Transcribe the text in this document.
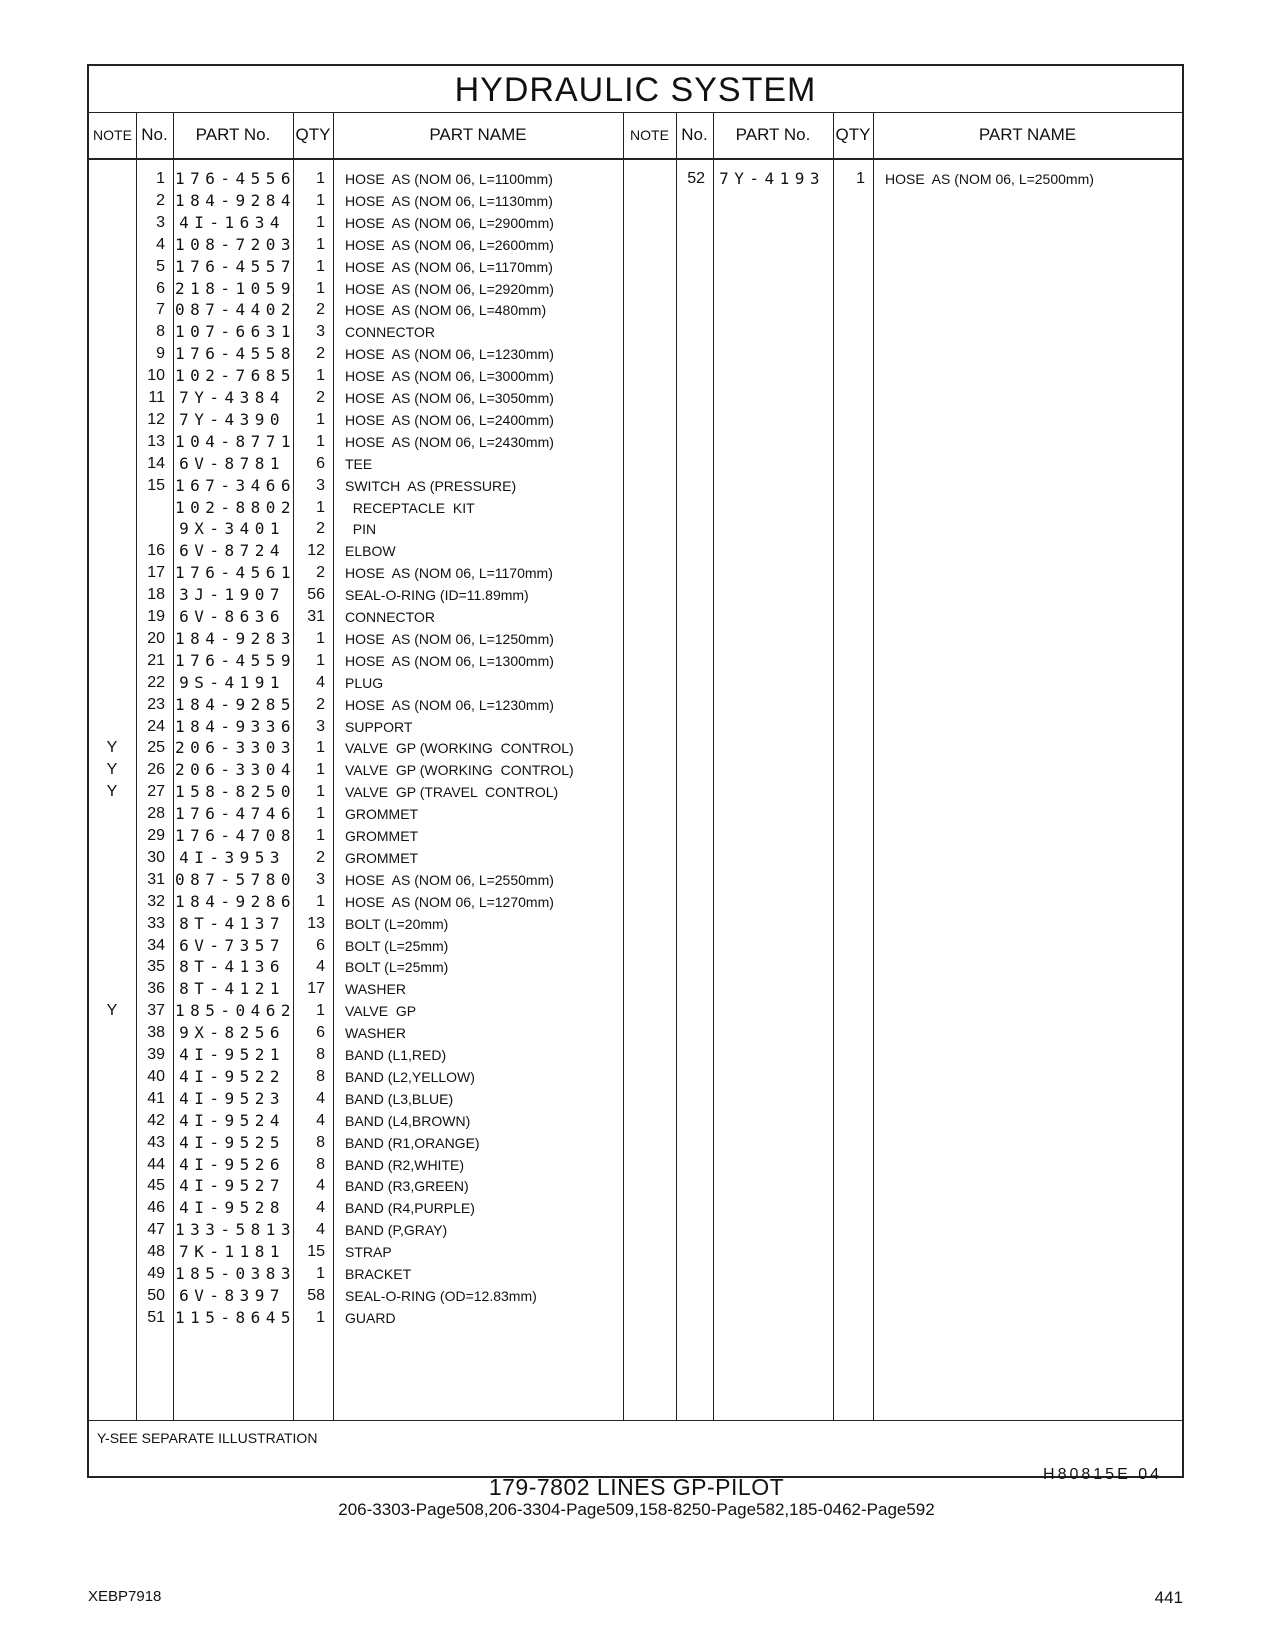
HYDRAULIC SYSTEM
NOTE No.	PART No.	QTY	PART NAME	NOTE No.	PART No.	QTY	PART NAME
1 176-4556	1 HOSE  AS (NOM 06, L=1100mm)
2 184-9284	1 HOSE  AS (NOM 06, L=1130mm)
3 4I-1634	1 HOSE  AS (NOM 06, L=2900mm)
4 108-7203	1 HOSE  AS (NOM 06, L=2600mm)
5 176-4557	1 HOSE  AS (NOM 06, L=1170mm)
6 218-1059	1 HOSE  AS (NOM 06, L=2920mm)
7 087-4402	2 HOSE  AS (NOM 06, L=480mm)
8 107-6631	3 CONNECTOR
9 176-4558	2 HOSE  AS (NOM 06, L=1230mm)
10 102-7685	1 HOSE  AS (NOM 06, L=3000mm)
11 7Y-4384	2 HOSE  AS (NOM 06, L=3050mm)
12 7Y-4390	1 HOSE  AS (NOM 06, L=2400mm)
13 104-8771	1 HOSE  AS (NOM 06, L=2430mm)
14 6V-8781	6 TEE
15 167-3466	3 SWITCH  AS (PRESSURE)
102-8802	1 RECEPTACLE  KIT
9X-3401	2 PIN
16 6V-8724	12 ELBOW
17 176-4561	2 HOSE  AS (NOM 06, L=1170mm)
18 3J-1907	56 SEAL-O-RING (ID=11.89mm)
19 6V-8636	31 CONNECTOR
20 184-9283	1 HOSE  AS (NOM 06, L=1250mm)
21 176-4559	1 HOSE  AS (NOM 06, L=1300mm)
22 9S-4191	4 PLUG
23 184-9285	2 HOSE  AS (NOM 06, L=1230mm)
24 184-9336	3 SUPPORT
Y	25 206-3303	1 VALVE  GP (WORKING  CONTROL)
Y	26 206-3304	1 VALVE  GP (WORKING  CONTROL)
Y	27 158-8250	1 VALVE  GP (TRAVEL  CONTROL)
28 176-4746	1 GROMMET
29 176-4708	1 GROMMET
30 4I-3953	2 GROMMET
31 087-5780	3 HOSE  AS (NOM 06, L=2550mm)
32 184-9286	1 HOSE  AS (NOM 06, L=1270mm)
33 8T-4137	13 BOLT (L=20mm)
34 6V-7357	6 BOLT (L=25mm)
35 8T-4136	4 BOLT (L=25mm)
36 8T-4121	17 WASHER
Y	37 185-0462	1 VALVE  GP
38 9X-8256	6 WASHER
39 4I-9521	8 BAND (L1,RED)
40 4I-9522	8 BAND (L2,YELLOW)
41 4I-9523	4 BAND (L3,BLUE)
42 4I-9524	4 BAND (L4,BROWN)
43 4I-9525	8 BAND (R1,ORANGE)
44 4I-9526	8 BAND (R2,WHITE)
45 4I-9527	4 BAND (R3,GREEN)
46 4I-9528	4 BAND (R4,PURPLE)
47 133-5813	4 BAND (P,GRAY)
48 7K-1181	15 STRAP
49 185-0383	1 BRACKET
50 6V-8397	58 SEAL-O-RING (OD=12.83mm)
51 115-8645	1 GUARD
52 7Y-4193	1 HOSE  AS (NOM 06, L=2500mm)
Y-SEE SEPARATE ILLUSTRATION
H80815E 04
179-7802 LINES GP-PILOT
206-3303-Page508,206-3304-Page509,158-8250-Page582,185-0462-Page592
XEBP7918	441
